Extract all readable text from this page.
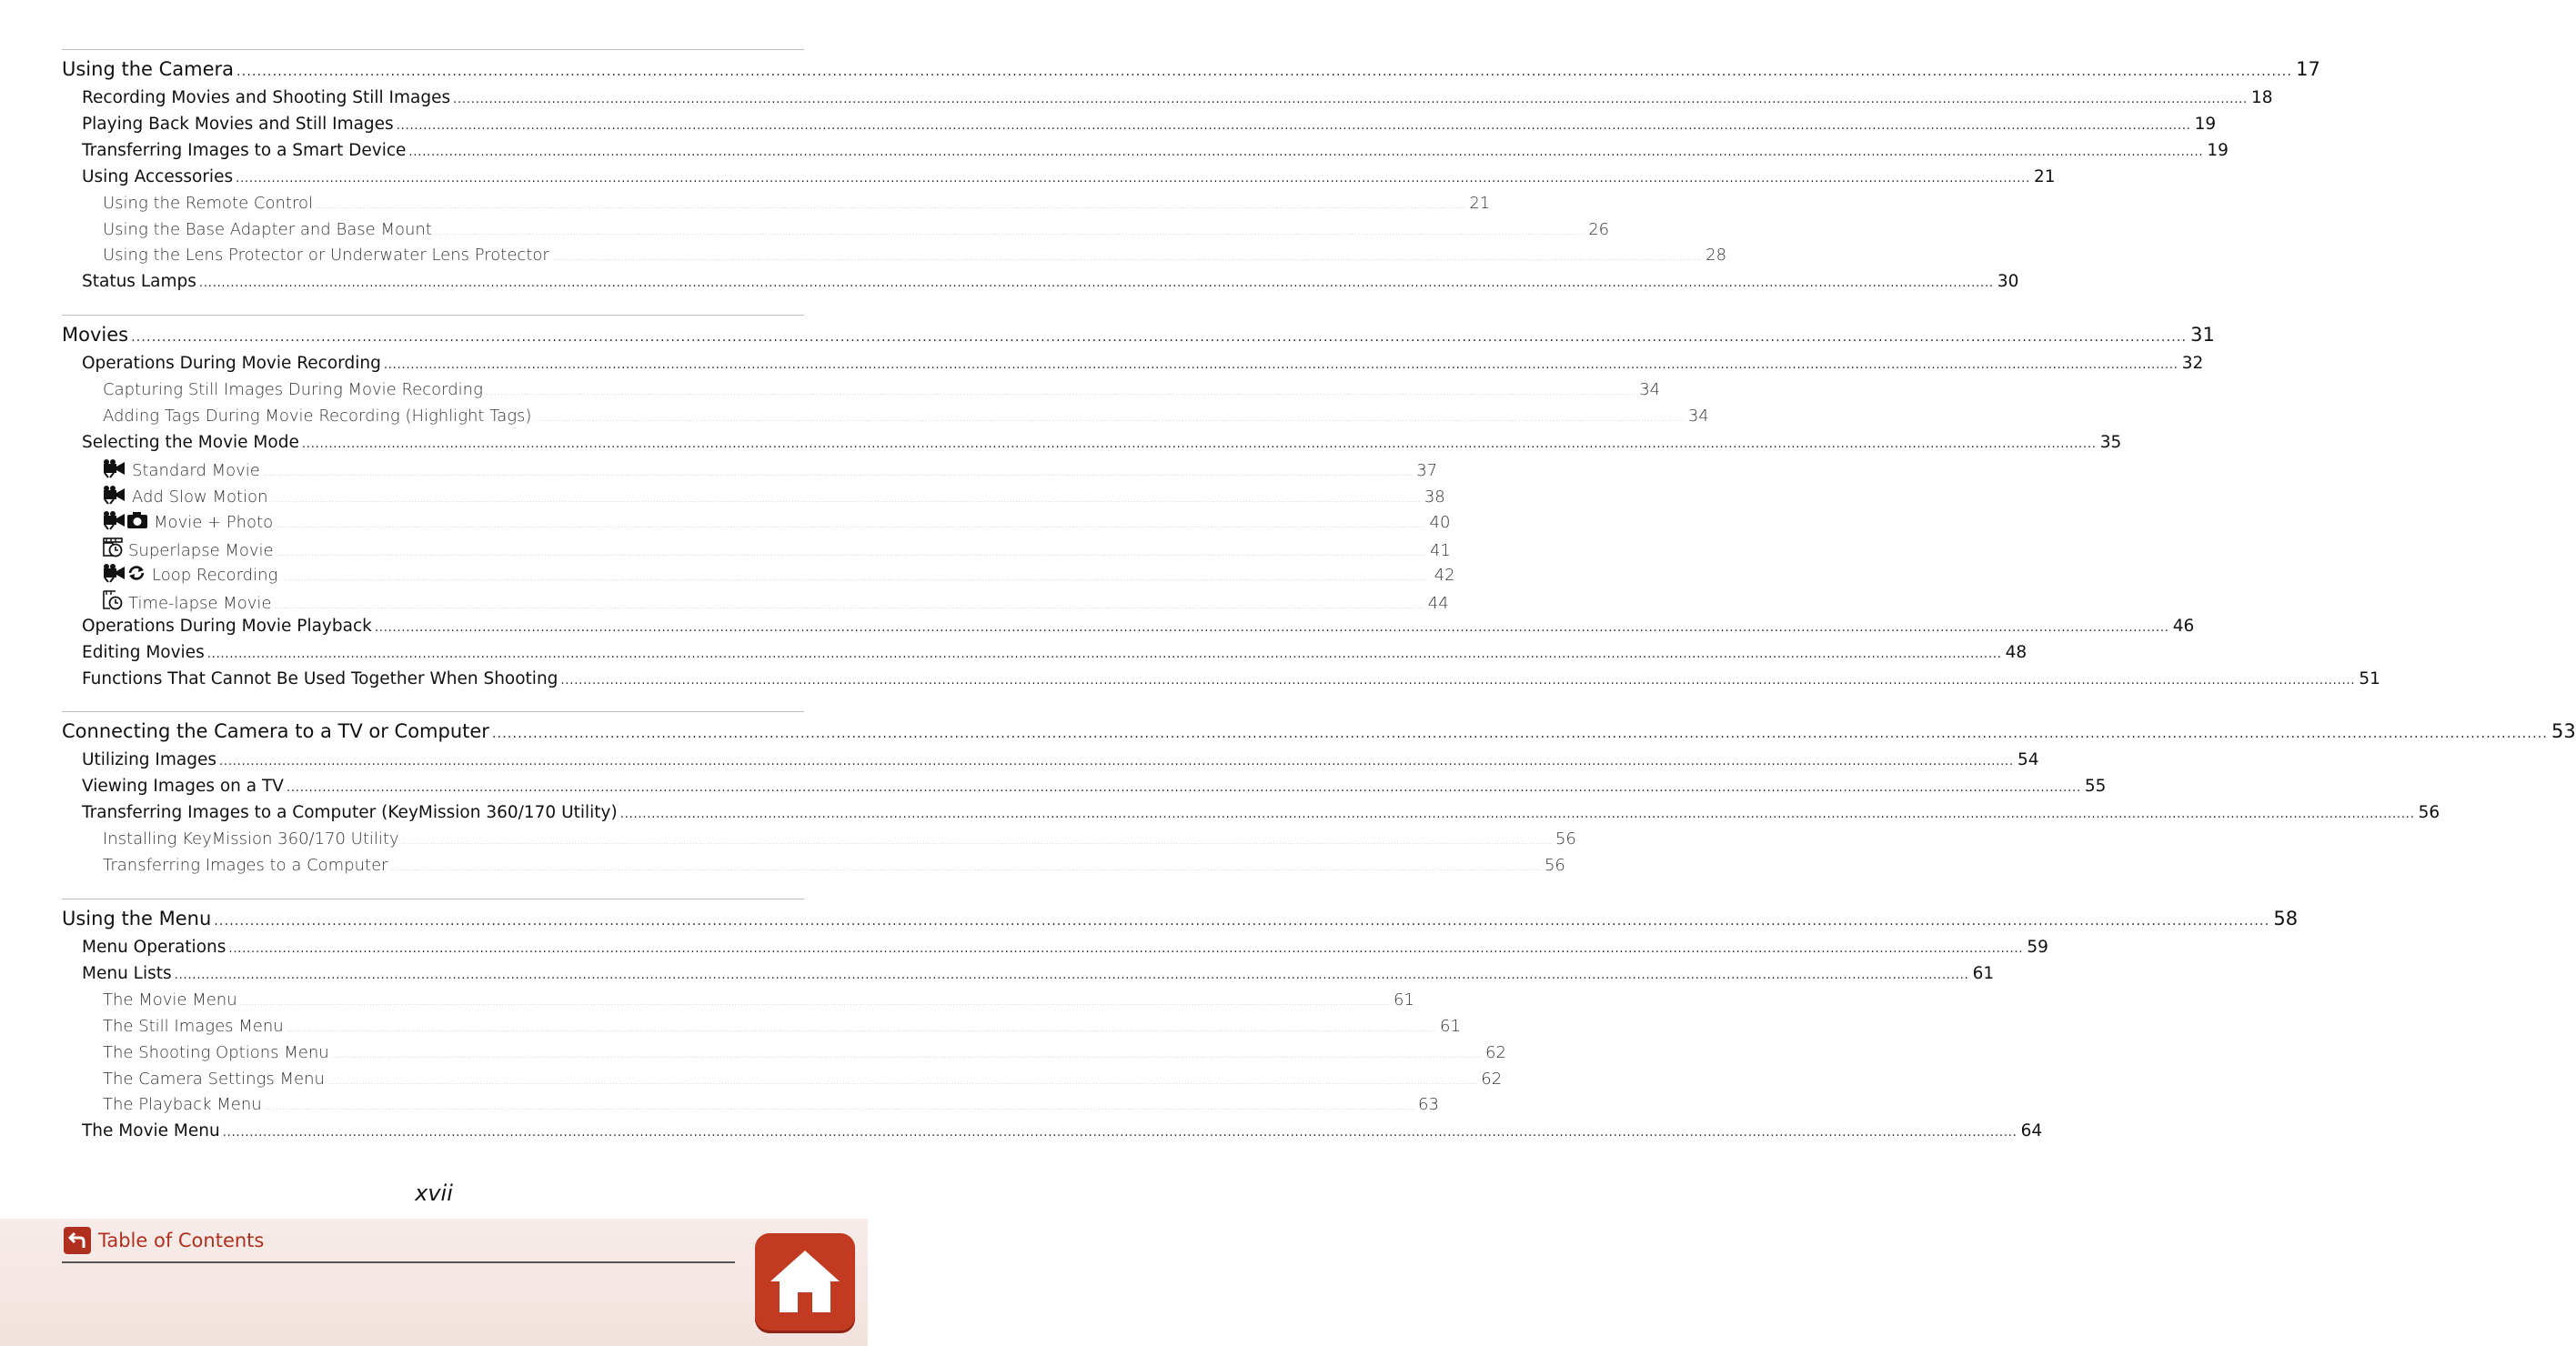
Using the Camera ................................................................................................................................................................................................................................................................................................................................................................................................................ 17
Recording Movies and Shooting Still Images ................................................................................................................................................................................................................................................................................................................................................................................................................ 18
Playing Back Movies and Still Images ................................................................................................................................................................................................................................................................................................................................................................................................................ 19
Transferring Images to a Smart Device ................................................................................................................................................................................................................................................................................................................................................................................................................ 19
Using Accessories ................................................................................................................................................................................................................................................................................................................................................................................................................ 21
Using the Remote Control ................................................................................................................................................................................................................................................................................................................................................................................................................ 21
Using the Base Adapter and Base Mount ................................................................................................................................................................................................................................................................................................................................................................................................................ 26
Using the Lens Protector or Underwater Lens Protector ................................................................................................................................................................................................................................................................................................................................................................................................................ 28
Status Lamps ................................................................................................................................................................................................................................................................................................................................................................................................................ 30
Movies ................................................................................................................................................................................................................................................................................................................................................................................................................ 31
Operations During Movie Recording ................................................................................................................................................................................................................................................................................................................................................................................................................ 32
Capturing Still Images During Movie Recording ................................................................................................................................................................................................................................................................................................................................................................................................................ 34
Adding Tags During Movie Recording (Highlight Tags) ................................................................................................................................................................................................................................................................................................................................................................................................................ 34
Selecting the Movie Mode ................................................................................................................................................................................................................................................................................................................................................................................................................ 35
Standard Movie ................................................................................................................................................................................................................................................................................................................................................................................................................ 37
Add Slow Motion ................................................................................................................................................................................................................................................................................................................................................................................................................ 38
Movie + Photo ................................................................................................................................................................................................................................................................................................................................................................................................................ 40
Superlapse Movie ................................................................................................................................................................................................................................................................................................................................................................................................................ 41
Loop Recording ................................................................................................................................................................................................................................................................................................................................................................................................................ 42
Time-lapse Movie ................................................................................................................................................................................................................................................................................................................................................................................................................ 44
Operations During Movie Playback ................................................................................................................................................................................................................................................................................................................................................................................................................ 46
Editing Movies ................................................................................................................................................................................................................................................................................................................................................................................................................ 48
Functions That Cannot Be Used Together When Shooting ................................................................................................................................................................................................................................................................................................................................................................................................................ 51
Connecting the Camera to a TV or Computer ................................................................................................................................................................................................................................................................................................................................................................................................................ 53
Utilizing Images ................................................................................................................................................................................................................................................................................................................................................................................................................ 54
Viewing Images on a TV ................................................................................................................................................................................................................................................................................................................................................................................................................ 55
Transferring Images to a Computer (KeyMission 360/170 Utility) ................................................................................................................................................................................................................................................................................................................................................................................................................ 56
Installing KeyMission 360/170 Utility ................................................................................................................................................................................................................................................................................................................................................................................................................ 56
Transferring Images to a Computer ................................................................................................................................................................................................................................................................................................................................................................................................................ 56
Using the Menu ................................................................................................................................................................................................................................................................................................................................................................................................................ 58
Menu Operations ................................................................................................................................................................................................................................................................................................................................................................................................................ 59
Menu Lists ................................................................................................................................................................................................................................................................................................................................................................................................................ 61
The Movie Menu ................................................................................................................................................................................................................................................................................................................................................................................................................ 61
The Still Images Menu ................................................................................................................................................................................................................................................................................................................................................................................................................ 61
The Shooting Options Menu ................................................................................................................................................................................................................................................................................................................................................................................................................ 62
The Camera Settings Menu ................................................................................................................................................................................................................................................................................................................................................................................................................ 62
The Playback Menu ................................................................................................................................................................................................................................................................................................................................................................................................................ 63
The Movie Menu ................................................................................................................................................................................................................................................................................................................................................................................................................ 64
xvii
Table of Contents
